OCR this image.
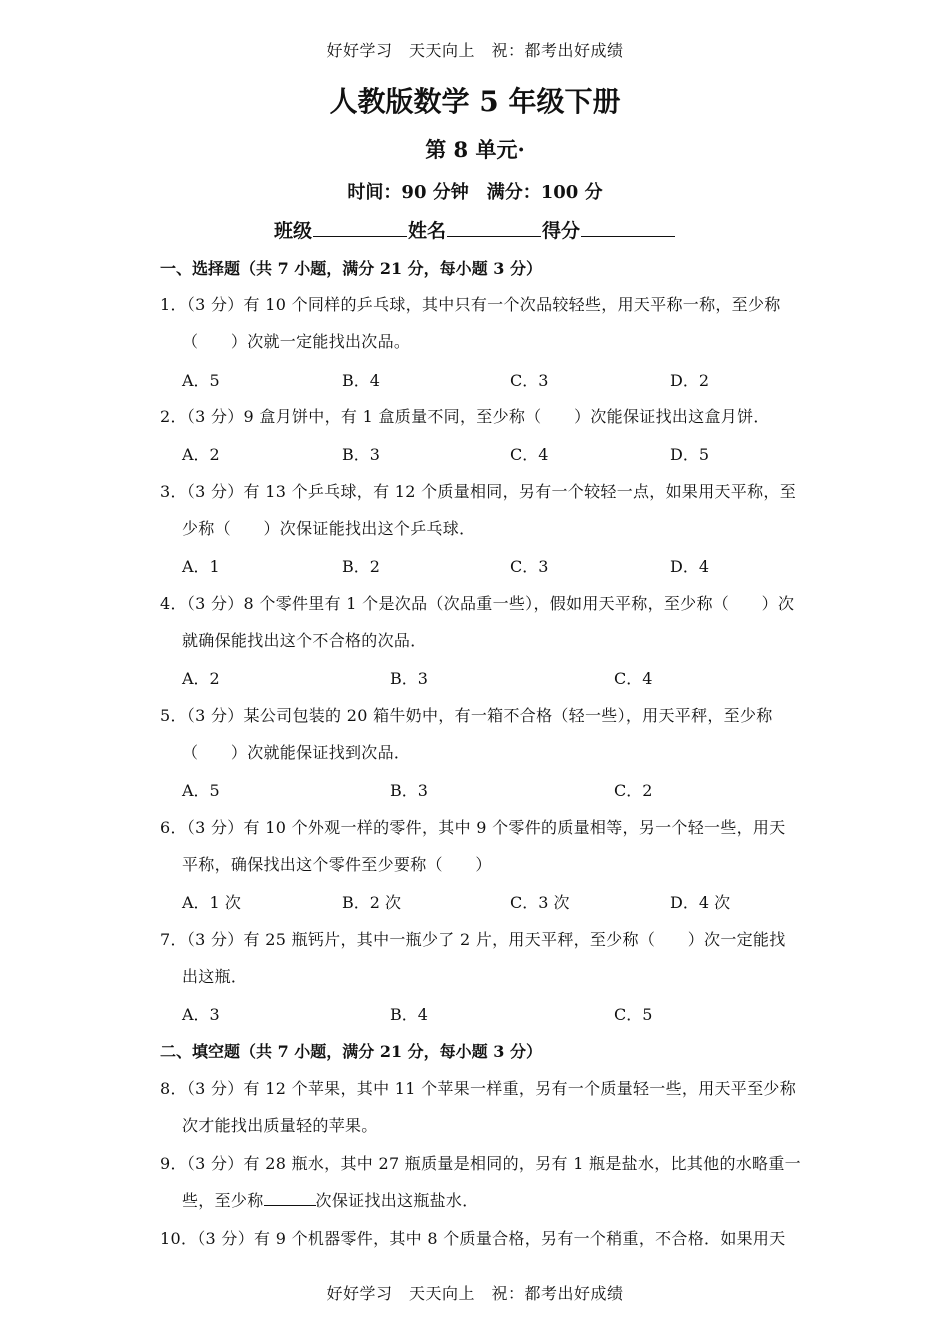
好好学习　天天向上　祝：都考出好成绩
人教版数学 5 年级下册
第 8 单元·
时间：90 分钟　满分：100 分
班级	姓名	得分
一、选择题（共 7 小题，满分 21 分，每小题 3 分）
1．（3 分）有 10 个同样的乒乓球，其中只有一个次品较轻些，用天平称一称，至少称
（　　）次就一定能找出次品。
A．5	B．4	C．3	D．2
2．（3 分）9 盒月饼中，有 1 盒质量不同，至少称（　　）次能保证找出这盒月饼．
A．2	B．3	C．4	D．5
3．（3 分）有 13 个乒乓球，有 12 个质量相同，另有一个较轻一点，如果用天平称，至
少称（　　）次保证能找出这个乒乓球．
A．1	B．2	C．3	D．4
4．（3 分）8 个零件里有 1 个是次品（次品重一些），假如用天平称，至少称（　　）次
就确保能找出这个不合格的次品．
A．2	B．3	C．4
5．（3 分）某公司包装的 20 箱牛奶中，有一箱不合格（轻一些），用天平秤，至少称
（　　）次就能保证找到次品．
A．5	B．3	C．2
6．（3 分）有 10 个外观一样的零件，其中 9 个零件的质量相等，另一个轻一些，用天
平称，确保找出这个零件至少要称（　　）
A．1 次	B．2 次	C．3 次	D．4 次
7．（3 分）有 25 瓶钙片，其中一瓶少了 2 片，用天平秤，至少称（　　）次一定能找
出这瓶．
A．3	B．4	C．5
二、填空题（共 7 小题，满分 21 分，每小题 3 分）
8．（3 分）有 12 个苹果，其中 11 个苹果一样重，另有一个质量轻一些，用天平至少称
次才能找出质量轻的苹果。
9．（3 分）有 28 瓶水，其中 27 瓶质量是相同的，另有 1 瓶是盐水，比其他的水略重一
些，至少称	次保证找出这瓶盐水．
10．（3 分）有 9 个机器零件，其中 8 个质量合格，另有一个稍重，不合格．如果用天
好好学习　天天向上　祝：都考出好成绩
